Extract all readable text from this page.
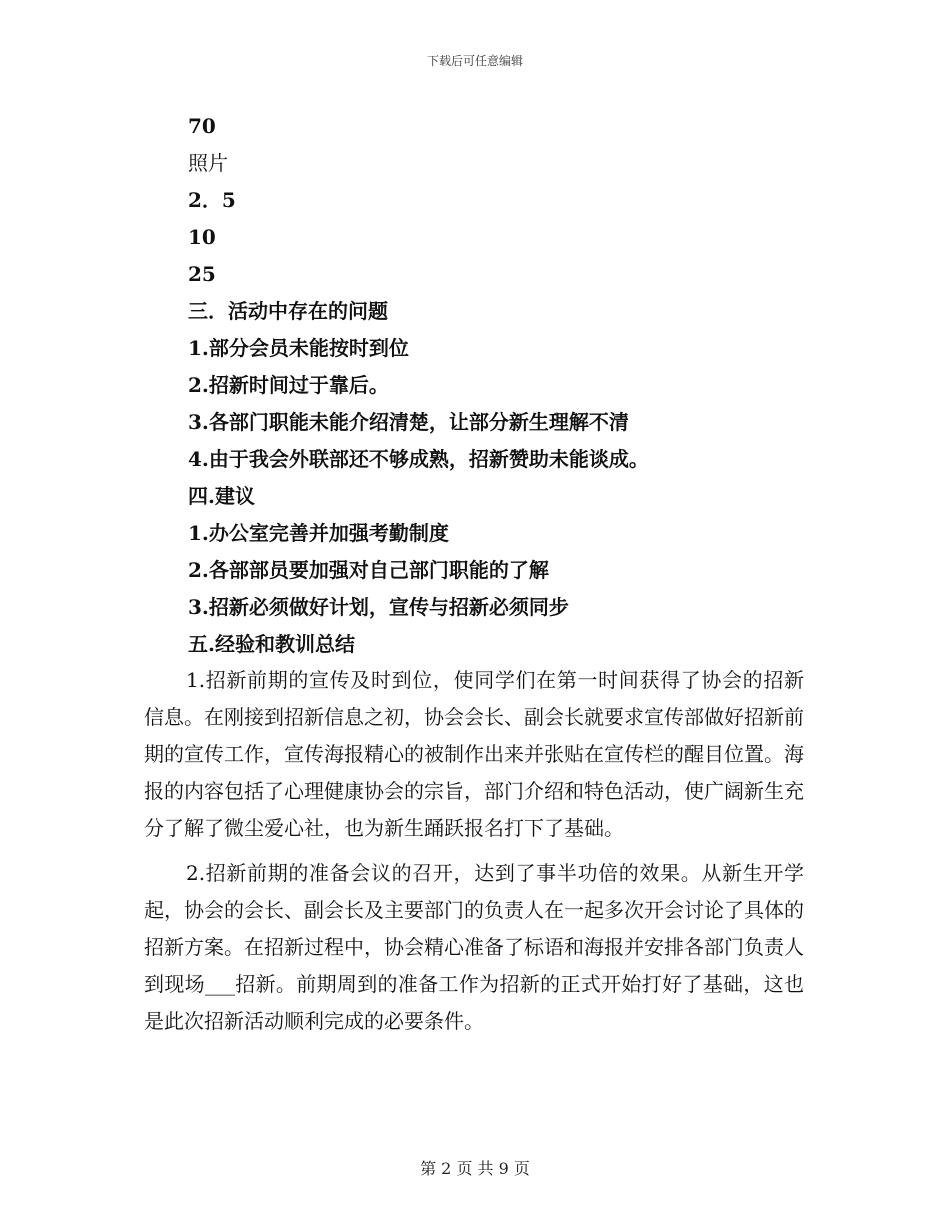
下载后可任意编辑
70
照片
2．5
10
25
三．活动中存在的问题
1.部分会员未能按时到位
2.招新时间过于靠后。
3.各部门职能未能介绍清楚，让部分新生理解不清
4.由于我会外联部还不够成熟，招新赞助未能谈成。
四.建议
1.办公室完善并加强考勤制度
2.各部部员要加强对自己部门职能的了解
3.招新必须做好计划，宣传与招新必须同步
五.经验和教训总结

1.招新前期的宣传及时到位，使同学们在第一时间获得了协会的招新信息。在刚接到招新信息之初，协会会长、副会长就要求宣传部做好招新前期的宣传工作，宣传海报精心的被制作出来并张贴在宣传栏的醒目位置。海报的内容包括了心理健康协会的宗旨，部门介绍和特色活动，使广阔新生充分了解了微尘爱心社，也为新生踊跃报名打下了基础。

2.招新前期的准备会议的召开，达到了事半功倍的效果。从新生开学起，协会的会长、副会长及主要部门的负责人在一起多次开会讨论了具体的招新方案。在招新过程中，协会精心准备了标语和海报并安排各部门负责人到现场___招新。前期周到的准备工作为招新的正式开始打好了基础，这也是此次招新活动顺利完成的必要条件。

第 2 页 共 9 页
